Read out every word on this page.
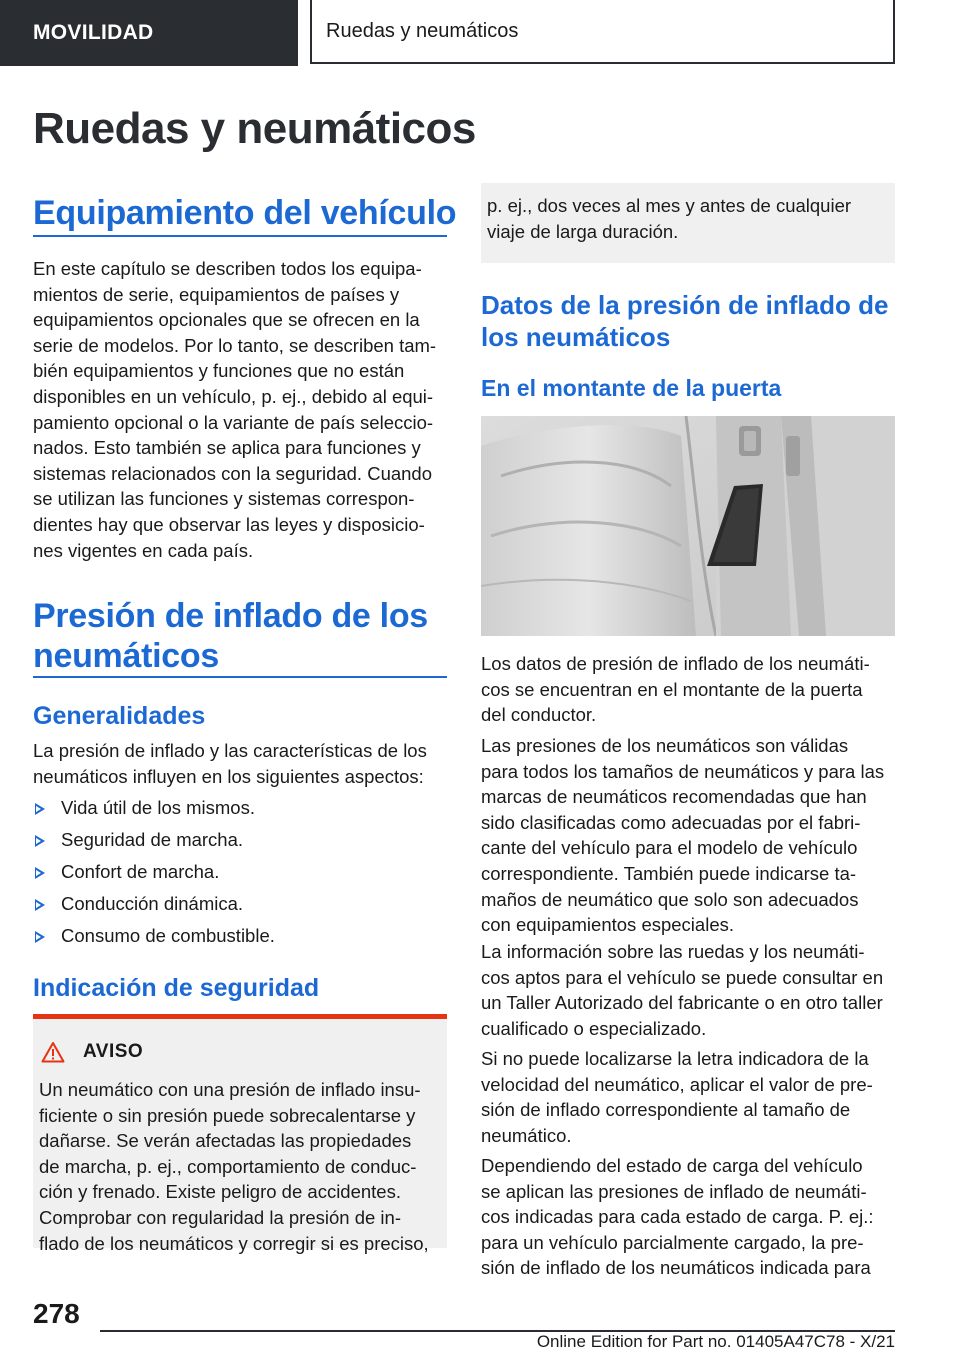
MOVILIDAD	Ruedas y neumáticos
Ruedas y neumáticos
Equipamiento del vehículo
En este capítulo se describen todos los equipa-
mientos de serie, equipamientos de países y
equipamientos opcionales que se ofrecen en la
serie de modelos. Por lo tanto, se describen tam-
bién equipamientos y funciones que no están
disponibles en un vehículo, p. ej., debido al equi-
pamiento opcional o la variante de país seleccio-
nados. Esto también se aplica para funciones y
sistemas relacionados con la seguridad. Cuando
se utilizan las funciones y sistemas correspon-
dientes hay que observar las leyes y disposicio-
nes vigentes en cada país.
Presión de inflado de los
neumáticos
Generalidades
La presión de inflado y las características de los
neumáticos influyen en los siguientes aspectos:
Vida útil de los mismos.
Seguridad de marcha.
Confort de marcha.
Conducción dinámica.
Consumo de combustible.
Indicación de seguridad
AVISO
Un neumático con una presión de inflado insu-
ficiente o sin presión puede sobrecalentarse y
dañarse. Se verán afectadas las propiedades
de marcha, p. ej., comportamiento de conduc-
ción y frenado. Existe peligro de accidentes.
Comprobar con regularidad la presión de in-
flado de los neumáticos y corregir si es preciso,

p. ej., dos veces al mes y antes de cualquier
viaje de larga duración.

Datos de la presión de inflado de
los neumáticos
En el montante de la puerta
Los datos de presión de inflado de los neumáti-
cos se encuentran en el montante de la puerta
del conductor.
Las presiones de los neumáticos son válidas
para todos los tamaños de neumáticos y para las
marcas de neumáticos recomendadas que han
sido clasificadas como adecuadas por el fabri-
cante del vehículo para el modelo de vehículo
correspondiente. También puede indicarse ta-
maños de neumático que solo son adecuados
con equipamientos especiales.
La información sobre las ruedas y los neumáti-
cos aptos para el vehículo se puede consultar en
un Taller Autorizado del fabricante o en otro taller
cualificado o especializado.
Si no puede localizarse la letra indicadora de la
velocidad del neumático, aplicar el valor de pre-
sión de inflado correspondiente al tamaño de
neumático.
Dependiendo del estado de carga del vehículo
se aplican las presiones de inflado de neumáti-
cos indicadas para cada estado de carga. P. ej.:
para un vehículo parcialmente cargado, la pre-
sión de inflado de los neumáticos indicada para

278

Online Edition for Part no. 01405A47C78 - X/21
